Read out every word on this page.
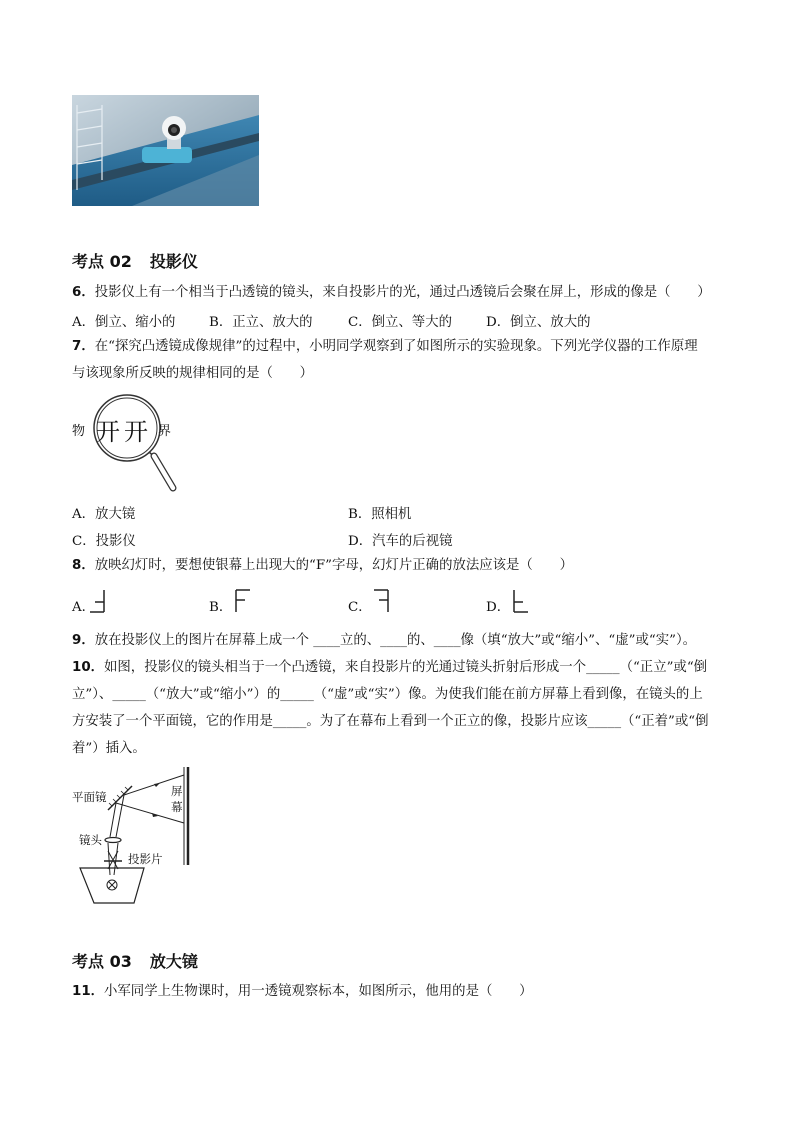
考点 02 投影仪
6．投影仪上有一个相当于凸透镜的镜头，来自投影片的光，通过凸透镜后会聚在屏上，形成的像是（　　）
A．倒立、缩小的	B．正立、放大的	C．倒立、等大的	D．倒立、放大的
7．在“探究凸透镜成像规律”的过程中，小明同学观察到了如图所示的实验现象。下列光学仪器的工作原理
与该现象所反映的规律相同的是（　　）
物 开 开 界
A．放大镜	B．照相机
C．投影仪	D．汽车的后视镜
8．放映幻灯时，要想使银幕上出现大的“F”字母，幻灯片正确的放法应该是（　　）
A．	B．	C．	D．
9．放在投影仪上的图片在屏幕上成一个 ____立的、____的、____像（填“放大”或“缩小”、“虚”或“实”）。
10．如图，投影仪的镜头相当于一个凸透镜，来自投影片的光通过镜头折射后形成一个_____（“正立”或“倒
立”）、_____（“放大”或“缩小”）的_____（“虚”或“实”）像。为使我们能在前方屏幕上看到像，在镜头的上
方安装了一个平面镜，它的作用是_____。为了在幕布上看到一个正立的像，投影片应该_____（“正着”或“倒
着”）插入。
平面镜
镜头
投影片
屏
幕
考点 03 放大镜
11．小军同学上生物课时，用一透镜观察标本，如图所示，他用的是（　　）
